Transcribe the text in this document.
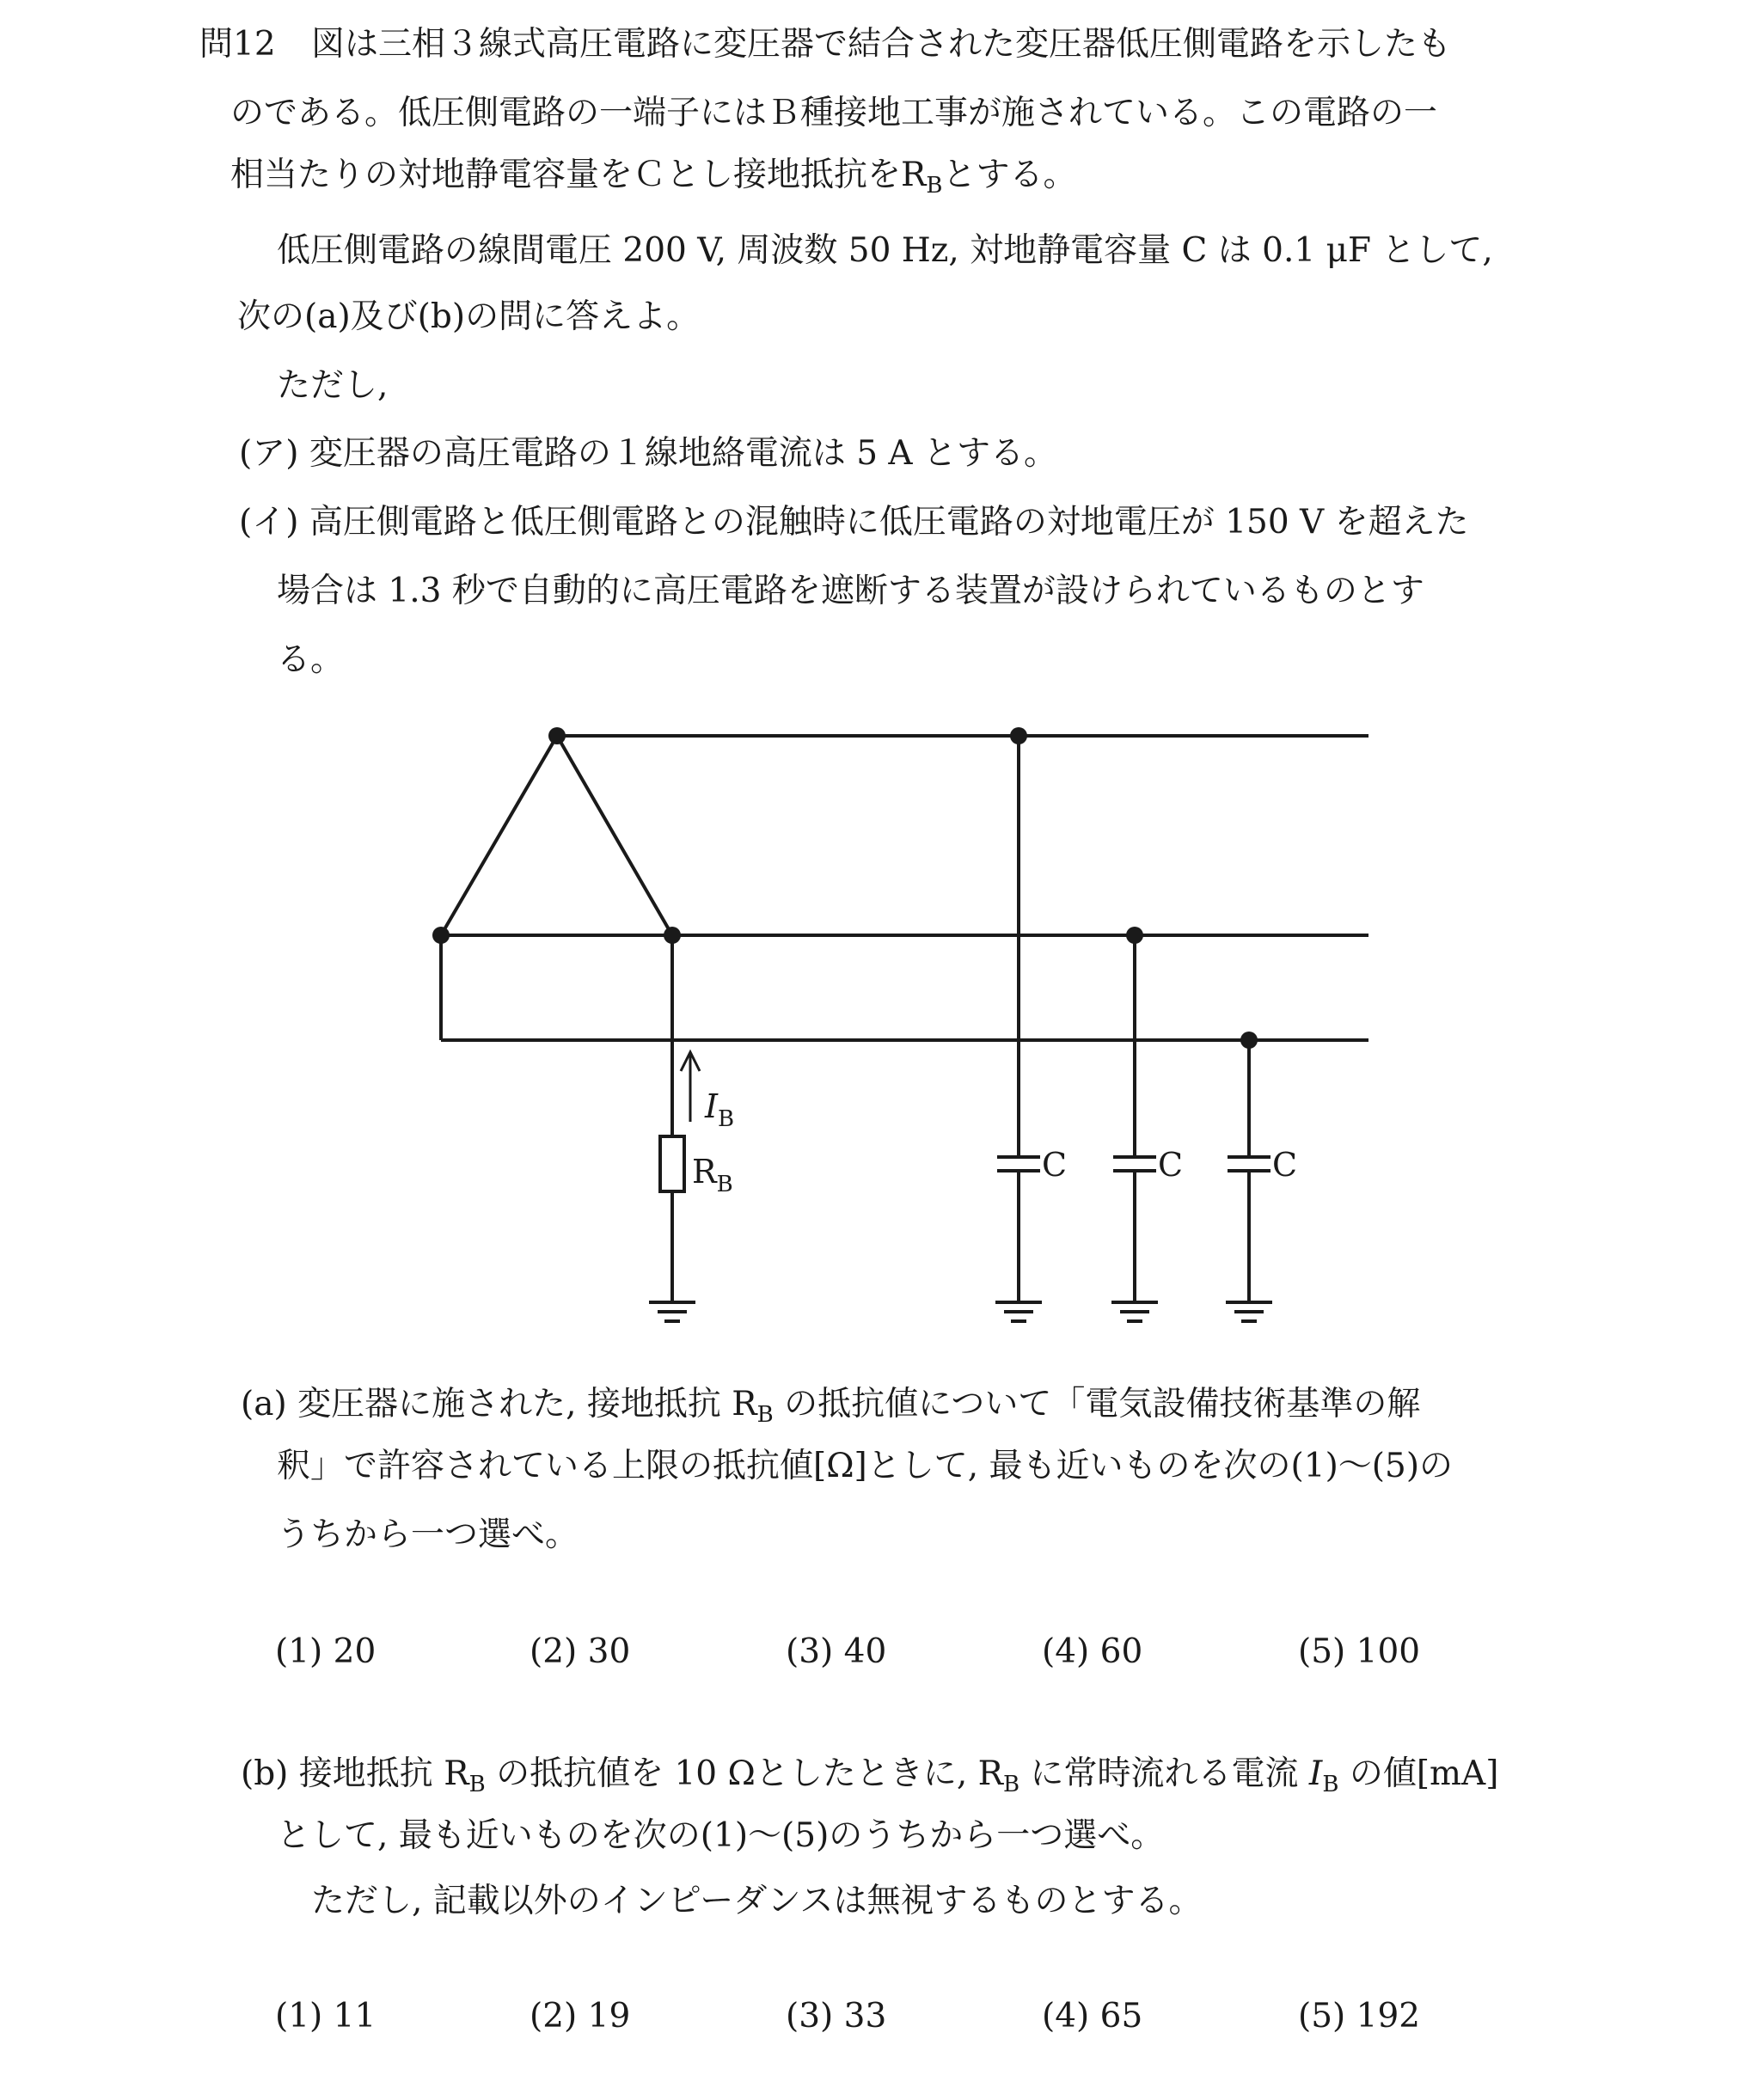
問12 図は三相３線式高圧電路に変圧器で結合された変圧器低圧側電路を示したも
のである。低圧側電路の一端子にはＢ種接地工事が施されている。この電路の一
相当たりの対地静電容量をＣとし接地抵抗を$R_B$とする。
低圧側電路の線間電圧 200 V, 周波数 50 Hz, 対地静電容量 C は 0.1 μF として,
次の(a)及び(b)の問に答えよ。
ただし,
(ア) 変圧器の高圧電路の１線地絡電流は 5 A とする。
(イ) 高圧側電路と低圧側電路との混触時に低圧電路の対地電圧が 150 V を超えた
場合は 1.3 秒で自動的に高圧電路を遮断する装置が設けられているものとす
る。
$I_B$
$R_B$
C	C	C
(a) 変圧器に施された, 接地抵抗 $R_B$ の抵抗値について「電気設備技術基準の解
釈」で許容されている上限の抵抗値[Ω]として, 最も近いものを次の(1)～(5)の
うちから一つ選べ。
(1) 20	(2) 30	(3) 40	(4) 60	(5) 100
(b) 接地抵抗 $R_B$ の抵抗値を 10 Ωとしたときに, $R_B$ に常時流れる電流 $I_B$ の値[mA]
として, 最も近いものを次の(1)～(5)のうちから一つ選べ。
ただし, 記載以外のインピーダンスは無視するものとする。
(1) 11	(2) 19	(3) 33	(4) 65	(5) 192
